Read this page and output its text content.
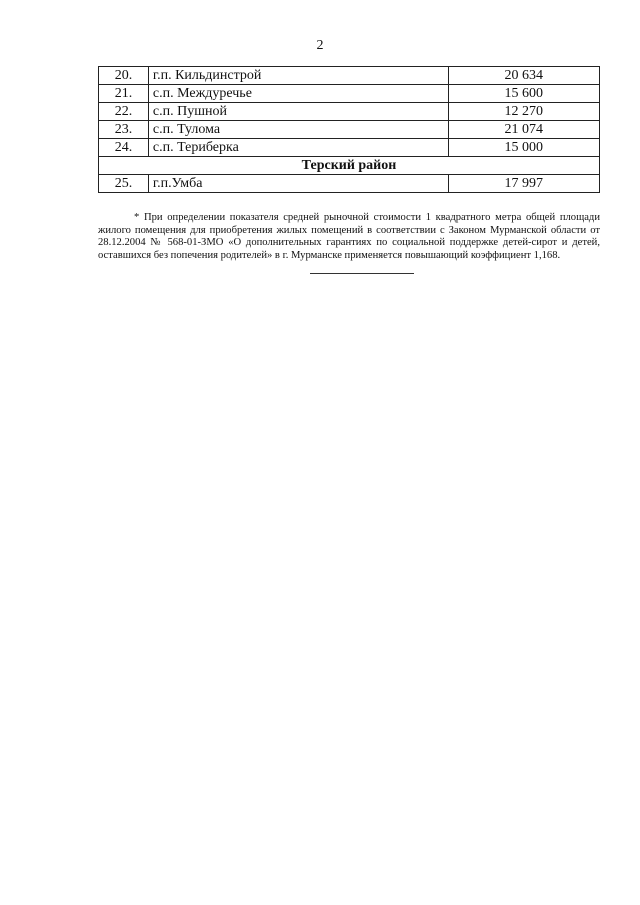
2
20.	г.п. Кильдинстрой	20 634
21.	с.п. Междуречье	15 600
22.	с.п. Пушной	12 270
23.	с.п. Тулома	21 074
24.	с.п. Териберка	15 000
Терский район		
25.	г.п.Умба	17 997
* При определении показателя средней рыночной стоимости 1 квадратного метра общей площади жилого помещения для приобретения жилых помещений в соответствии с Законом Мурманской области от 28.12.2004 № 568-01-ЗМО «О дополнительных гарантиях по социальной поддержке детей-сирот и детей, оставшихся без попечения родителей» в г. Мурманске применяется повышающий коэффициент 1,168.
